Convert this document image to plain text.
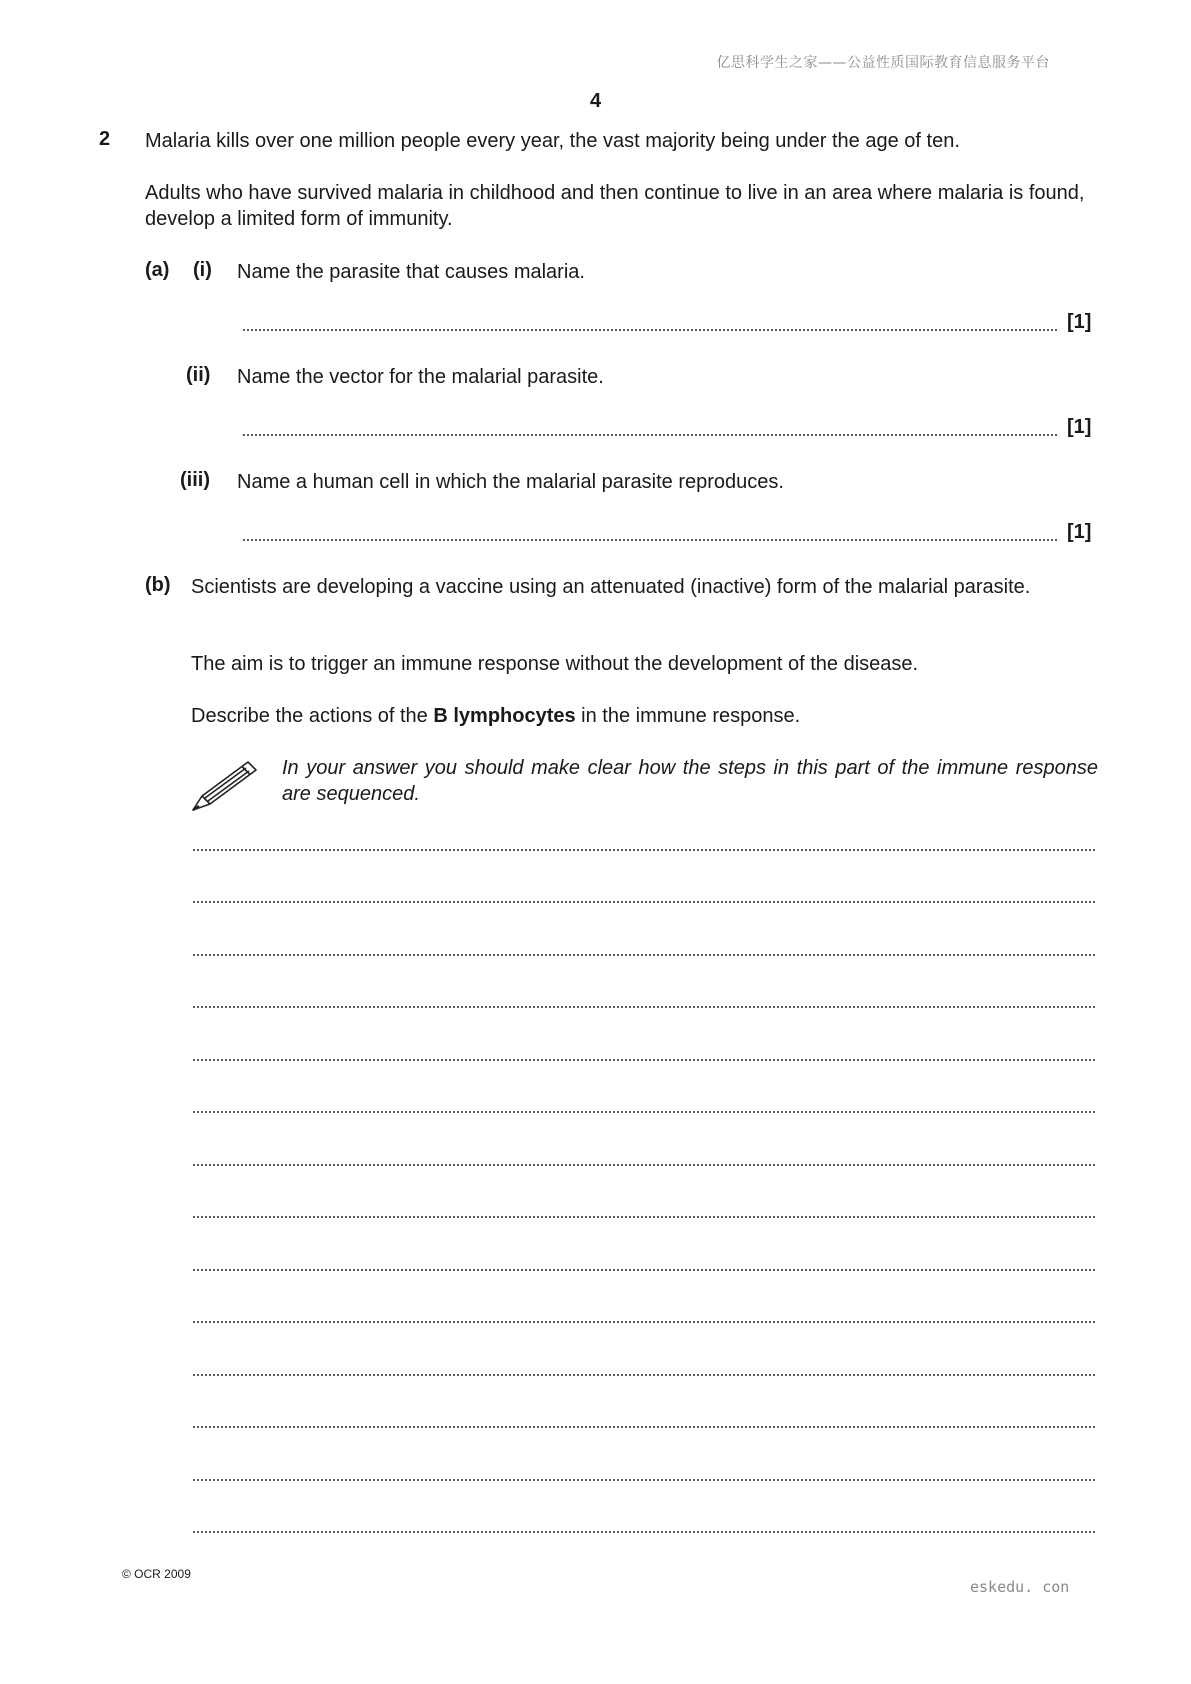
亿思科学生之家——公益性质国际教育信息服务平台
4
2 Malaria kills over one million people every year, the vast majority being under the age of ten.
Adults who have survived malaria in childhood and then continue to live in an area where malaria is found, develop a limited form of immunity.
(a) (i) Name the parasite that causes malaria.
[1]
(ii) Name the vector for the malarial parasite.
[1]
(iii) Name a human cell in which the malarial parasite reproduces.
[1]
(b) Scientists are developing a vaccine using an attenuated (inactive) form of the malarial parasite.
The aim is to trigger an immune response without the development of the disease.
Describe the actions of the B lymphocytes in the immune response.
In your answer you should make clear how the steps in this part of the immune response are sequenced.
© OCR 2009
eskedu. con
